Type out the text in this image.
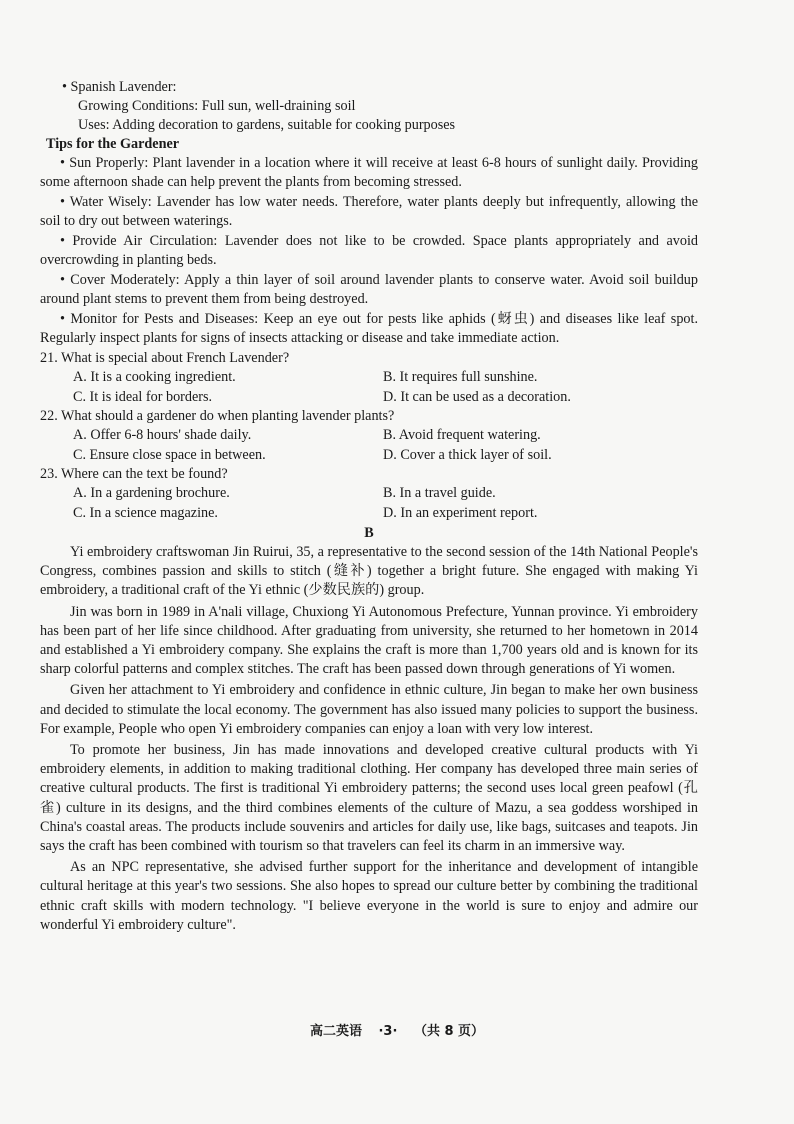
• Spanish Lavender:
Growing Conditions: Full sun, well-draining soil
Uses: Adding decoration to gardens, suitable for cooking purposes
Tips for the Gardener

• Sun Properly: Plant lavender in a location where it will receive at least 6-8 hours of sunlight daily. Providing some afternoon shade can help prevent the plants from becoming stressed.

• Water Wisely: Lavender has low water needs. Therefore, water plants deeply but infrequently, allowing the soil to dry out between waterings.

• Provide Air Circulation: Lavender does not like to be crowded. Space plants appropriately and avoid overcrowding in planting beds.

• Cover Moderately: Apply a thin layer of soil around lavender plants to conserve water. Avoid soil buildup around plant stems to prevent them from being destroyed.

• Monitor for Pests and Diseases: Keep an eye out for pests like aphids (蚜虫) and diseases like leaf spot. Regularly inspect plants for signs of insects attacking or disease and take immediate action.

21. What is special about French Lavender?
A. It is a cooking ingredient.	B. It requires full sunshine.
C. It is ideal for borders.	D. It can be used as a decoration.
22. What should a gardener do when planting lavender plants?
A. Offer 6-8 hours' shade daily.	B. Avoid frequent watering.
C. Ensure close space in between.	D. Cover a thick layer of soil.
23. Where can the text be found?
A. In a gardening brochure.	B. In a travel guide.
C. In a science magazine.	D. In an experiment report.
B

Yi embroidery craftswoman Jin Ruirui, 35, a representative to the second session of the 14th National People's Congress, combines passion and skills to stitch (缝补) together a bright future. She engaged with making Yi embroidery, a traditional craft of the Yi ethnic (少数民族的) group.

Jin was born in 1989 in A'nali village, Chuxiong Yi Autonomous Prefecture, Yunnan province. Yi embroidery has been part of her life since childhood. After graduating from university, she returned to her hometown in 2014 and established a Yi embroidery company. She explains the craft is more than 1,700 years old and is known for its sharp colorful patterns and complex stitches. The craft has been passed down through generations of Yi women.

Given her attachment to Yi embroidery and confidence in ethnic culture, Jin began to make her own business and decided to stimulate the local economy. The government has also issued many policies to support the business. For example, People who open Yi embroidery companies can enjoy a loan with very low interest.

To promote her business, Jin has made innovations and developed creative cultural products with Yi embroidery elements, in addition to making traditional clothing. Her company has developed three main series of creative cultural products. The first is traditional Yi embroidery patterns; the second uses local green peafowl (孔雀) culture in its designs, and the third combines elements of the culture of Mazu, a sea goddess worshiped in China's coastal areas. The products include souvenirs and articles for daily use, like bags, suitcases and teapots. Jin says the craft has been combined with tourism so that travelers can feel its charm in an immersive way.

As an NPC representative, she advised further support for the inheritance and development of intangible cultural heritage at this year's two sessions. She also hopes to spread our culture better by combining the traditional ethnic craft skills with modern technology. "I believe everyone in the world is sure to enjoy and admire our wonderful Yi embroidery culture".

高二英语 ·3· （共 8 页）
